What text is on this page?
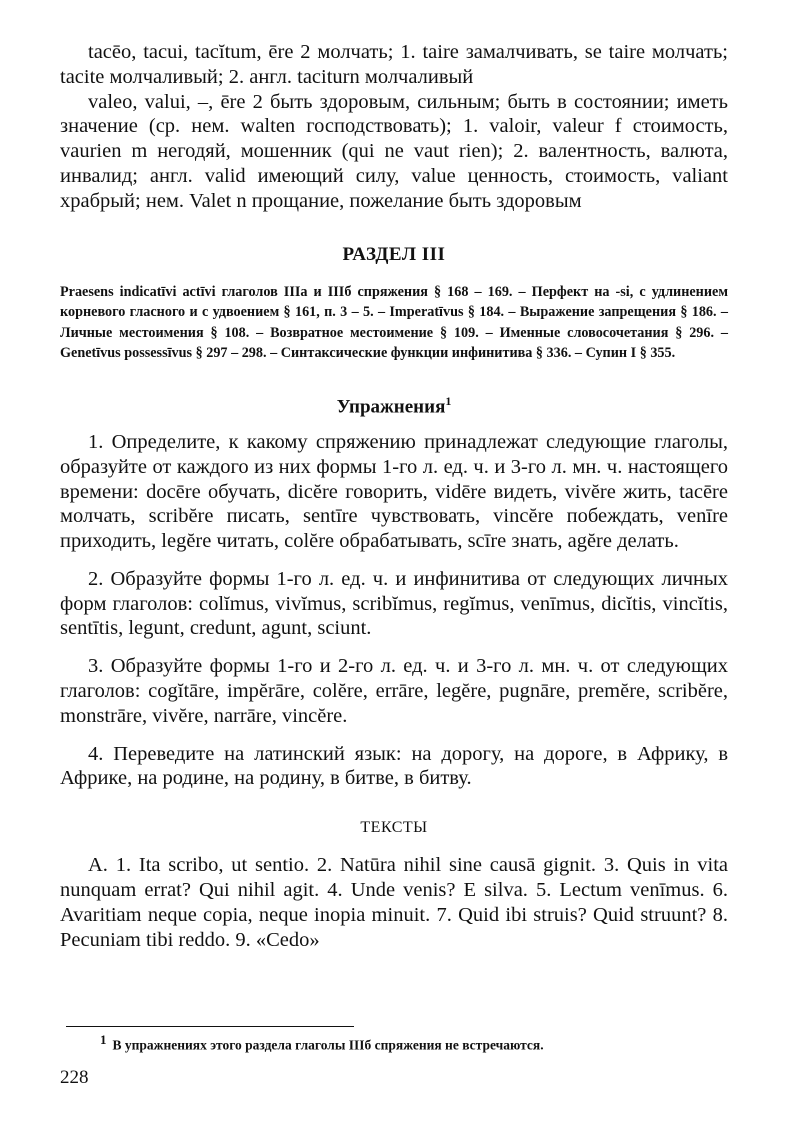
tacēo, tacui, tacĭtum, ēre 2 молчать; 1. taire замалчивать, se taire молчать; tacite молчаливый; 2. англ. taciturn молчаливый

valeo, valui, –, ēre 2 быть здоровым, сильным; быть в состоянии; иметь значение (ср. нем. walten господствовать); 1. valoir, valeur f стоимость, vaurien m негодяй, мошенник (qui ne vaut rien); 2. валентность, валюта, инвалид; англ. valid имеющий силу, value ценность, стоимость, valiant храбрый; нем. Valet n прощание, пожелание быть здоровым

РАЗДЕЛ III
Praesens indicatīvi actīvi глаголов IIIa и IIIб спряжения § 168 – 169. – Перфект на -si, с удлинением корневого гласного и с удвоением § 161, п. 3 – 5. – Imperatīvus § 184. – Выражение запрещения § 186. – Личные местоимения § 108. – Возвратное местоимение § 109. – Именные словосочетания § 296. – Genetīvus possessīvus § 297 – 298. – Синтаксические функции инфинитива § 336. – Супин I § 355.
Упражнения$^1$

1. Определите, к какому спряжению принадлежат следующие глаголы, образуйте от каждого из них формы 1-го л. ед. ч. и 3-го л. мн. ч. настоящего времени: docēre обучать, dicĕre говорить, vidēre видеть, vivĕre жить, tacēre молчать, scribĕre писать, sentīre чувствовать, vincĕre побеждать, venīre приходить, legĕre читать, colĕre обрабатывать, scīre знать, agĕre делать.

2. Образуйте формы 1-го л. ед. ч. и инфинитива от следующих личных форм глаголов: colĭmus, vivĭmus, scribĭmus, regĭmus, venīmus, dicĭtis, vincĭtis, sentītis, legunt, credunt, agunt, sciunt.

3. Образуйте формы 1-го и 2-го л. ед. ч. и 3-го л. мн. ч. от следующих глаголов: cogĭtāre, impĕrāre, colĕre, errāre, legĕre, pugnāre, premĕre, scribĕre, monstrāre, vivĕre, narrāre, vincĕre.

4. Переведите на латинский язык: на дорогу, на дороге, в Африку, в Африке, на родине, на родину, в битве, в битву.

ТЕКСТЫ

A. 1. Ita scribo, ut sentio. 2. Natūra nihil sine causā gignit. 3. Quis in vita nunquam errat? Qui nihil agit. 4. Unde venis? E silva. 5. Lectum venīmus. 6. Avaritiam neque copia, neque inopia minuit. 7. Quid ibi struis? Quid struunt? 8. Pecuniam tibi reddo. 9. «Cedo»

$^1$ В упражнениях этого раздела глаголы IIIб спряжения не встречаются.
228
